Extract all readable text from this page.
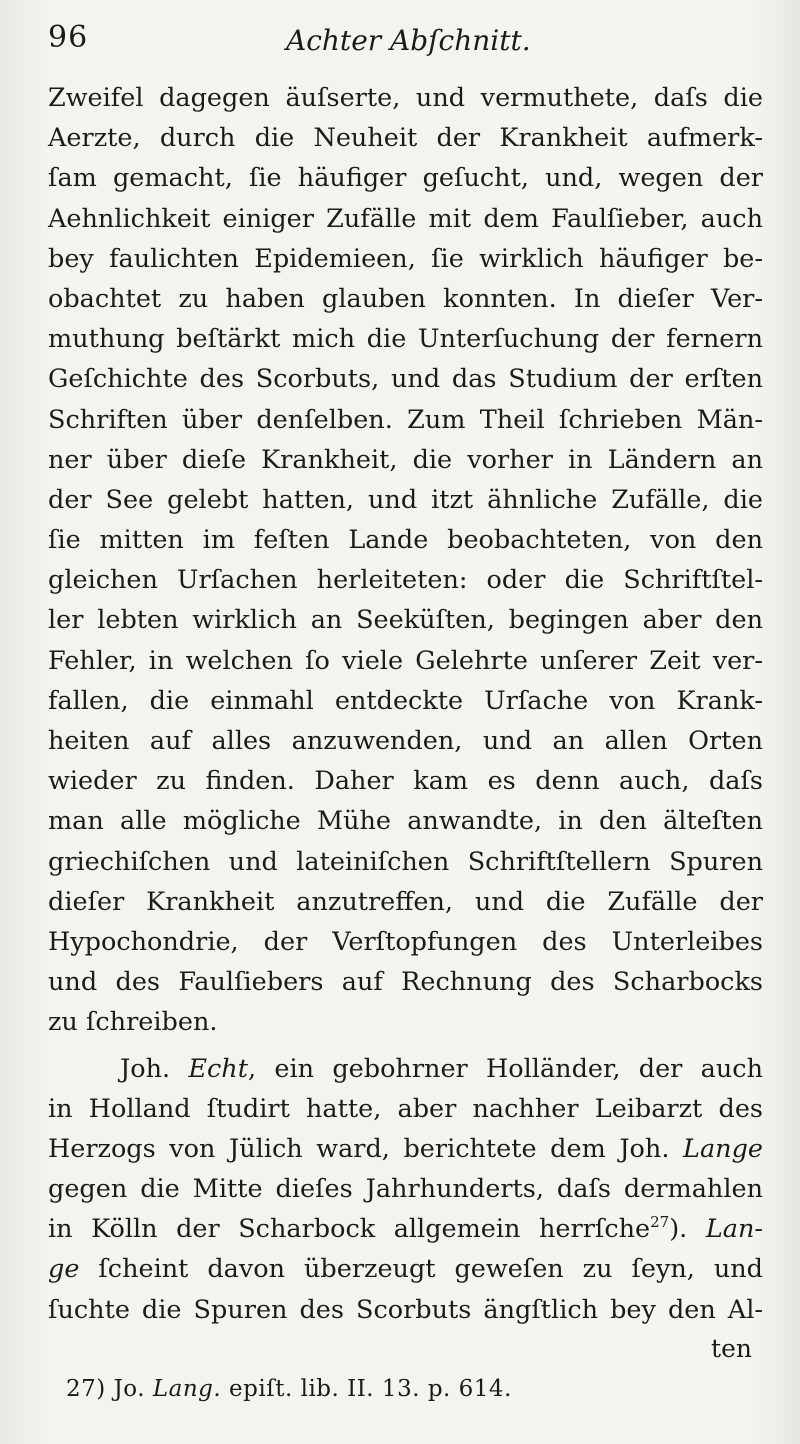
96	Achter Abſchnitt.
Zweifel dagegen äuſserte, und vermuthete, daſs die
Aerzte, durch die Neuheit der Krankheit aufmerk-
ſam gemacht, ſie häufiger geſucht, und, wegen der
Aehnlichkeit einiger Zufälle mit dem Faulſieber, auch
bey faulichten Epidemieen, ſie wirklich häufiger be-
obachtet zu haben glauben konnten. In dieſer Ver-
muthung beſtärkt mich die Unterſuchung der fernern
Geſchichte des Scorbuts, und das Studium der erſten
Schriften über denſelben. Zum Theil ſchrieben Män-
ner über dieſe Krankheit, die vorher in Ländern an
der See gelebt hatten, und itzt ähnliche Zufälle, die
ſie mitten im feſten Lande beobachteten, von den
gleichen Urſachen herleiteten: oder die Schriftſtel-
ler lebten wirklich an Seeküſten, begingen aber den
Fehler, in welchen ſo viele Gelehrte unſerer Zeit ver-
fallen, die einmahl entdeckte Urſache von Krank-
heiten auf alles anzuwenden, und an allen Orten
wieder zu finden. Daher kam es denn auch, daſs
man alle mögliche Mühe anwandte, in den älteſten
griechiſchen und lateiniſchen Schriftſtellern Spuren
dieſer Krankheit anzutreffen, und die Zufälle der
Hypochondrie, der Verſtopfungen des Unterleibes
und des Faulſiebers auf Rechnung des Scharbocks
zu ſchreiben.
Joh. Echt, ein gebohrner Holländer, der auch
in Holland ſtudirt hatte, aber nachher Leibarzt des
Herzogs von Jülich ward, berichtete dem Joh. Lange
gegen die Mitte dieſes Jahrhunderts, daſs dermahlen
in Kölln der Scharbock allgemein herrſche$^{27}$). Lan-
ge ſcheint davon überzeugt geweſen zu ſeyn, und
ſuchte die Spuren des Scorbuts ängſtlich bey den Al-
ten
27) Jo. Lang. epiſt. lib. II. 13. p. 614.
